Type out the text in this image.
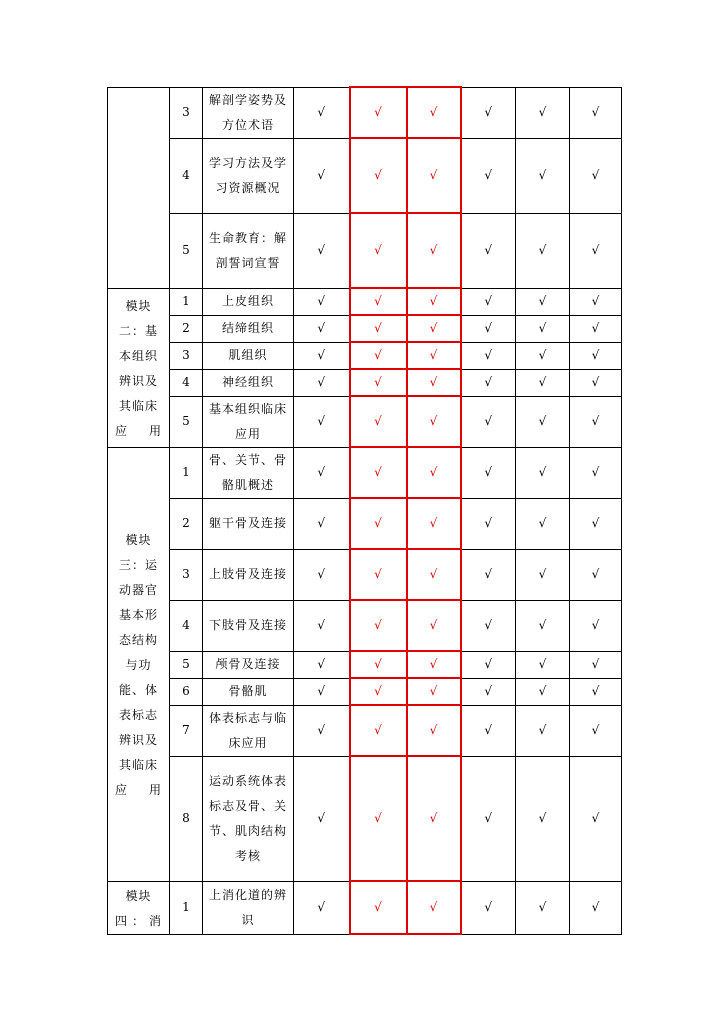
	3	解剖学姿势及方位术语	√	√	√	√	√	√
	4	学习方法及学习资源概况	√	√	√	√	√	√
	5	生命教育：解剖誓词宣誓	√	√	√	√	√	√
模块二：基本组织辨识及其临床应用	1	上皮组织	√	√	√	√	√	√
	2	结缔组织	√	√	√	√	√	√
	3	肌组织	√	√	√	√	√	√
	4	神经组织	√	√	√	√	√	√
	5	基本组织临床应用	√	√	√	√	√	√
模块三：运动器官基本形态结构与功能、体表标志辨识及其临床应用	1	骨、关节、骨骼肌概述	√	√	√	√	√	√
	2	躯干骨及连接	√	√	√	√	√	√
	3	上肢骨及连接	√	√	√	√	√	√
	4	下肢骨及连接	√	√	√	√	√	√
	5	颅骨及连接	√	√	√	√	√	√
	6	骨骼肌	√	√	√	√	√	√
	7	体表标志与临床应用	√	√	√	√	√	√
	8	运动系统体表标志及骨、关节、肌肉结构考核	√	√	√	√	√	√
模块四：消	1	上消化道的辨识	√	√	√	√	√	√
